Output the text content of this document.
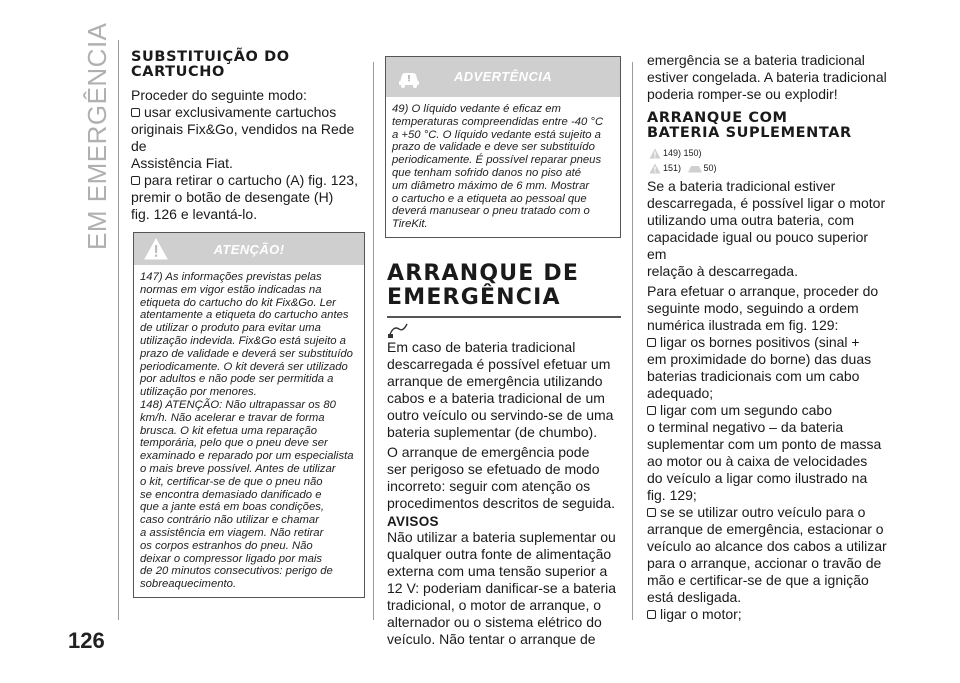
EM EMERGÊNCIA
126

SUBSTITUIÇÃO DO
CARTUCHO

Proceder do seguinte modo:

usar exclusivamente cartuchos

originais Fix&Go, vendidos na Rede de

Assistência Fiat.

para retirar o cartucho (A) fig. 123,

premir o botão de desengate (H)

fig. 126 e levantá-lo.

ATENÇÃO!
147) As informações previstas pelas
normas em vigor estão indicadas na
etiqueta do cartucho do kit Fix&Go. Ler
atentamente a etiqueta do cartucho antes
de utilizar o produto para evitar uma
utilização indevida. Fix&Go está sujeito a
prazo de validade e deverá ser substituído
periodicamente. O kit deverá ser utilizado
por adultos e não pode ser permitida a
utilização por menores.
148) ATENÇÃO: Não ultrapassar os 80
km/h. Não acelerar e travar de forma
brusca. O kit efetua uma reparação
temporária, pelo que o pneu deve ser
examinado e reparado por um especialista
o mais breve possível. Antes de utilizar
o kit, certificar-se de que o pneu não
se encontra demasiado danificado e
que a jante está em boas condições,
caso contrário não utilizar e chamar
a assistência em viagem. Não retirar
os corpos estranhos do pneu. Não
deixar o compressor ligado por mais
de 20 minutos consecutivos: perigo de
sobreaquecimento.
ADVERTÊNCIA
49) O líquido vedante é eficaz em
temperaturas compreendidas entre -40 °C
a +50 °C. O líquido vedante está sujeito a
prazo de validade e deve ser substituído
periodicamente. É possível reparar pneus
que tenham sofrido danos no piso até
um diâmetro máximo de 6 mm. Mostrar
o cartucho e a etiqueta ao pessoal que
deverá manusear o pneu tratado com o
TireKit.

ARRANQUE DE
EMERGÊNCIA

Em caso de bateria tradicional

descarregada é possível efetuar um

arranque de emergência utilizando

cabos e a bateria tradicional de um

outro veículo ou servindo-se de uma

bateria suplementar (de chumbo).

O arranque de emergência pode

ser perigoso se efetuado de modo

incorreto: seguir com atenção os

procedimentos descritos de seguida.

AVISOS

Não utilizar a bateria suplementar ou

qualquer outra fonte de alimentação

externa com uma tensão superior a

12 V: poderiam danificar-se a bateria

tradicional, o motor de arranque, o

alternador ou o sistema elétrico do

veículo. Não tentar o arranque de

emergência se a bateria tradicional

estiver congelada. A bateria tradicional

poderia romper-se ou explodir!

ARRANQUE COM
BATERIA SUPLEMENTAR

149) 150)
151)	50)

Se a bateria tradicional estiver

descarregada, é possível ligar o motor

utilizando uma outra bateria, com

capacidade igual ou pouco superior em

relação à descarregada.

Para efetuar o arranque, proceder do

seguinte modo, seguindo a ordem

numérica ilustrada em fig. 129:

ligar os bornes positivos (sinal +

em proximidade do borne) das duas

baterias tradicionais com um cabo

adequado;

ligar com um segundo cabo

o terminal negativo – da bateria

suplementar com um ponto de massa

ao motor ou à caixa de velocidades

do veículo a ligar como ilustrado na

fig. 129;

se se utilizar outro veículo para o

arranque de emergência, estacionar o

veículo ao alcance dos cabos a utilizar

para o arranque, accionar o travão de

mão e certificar-se de que a ignição

está desligada.

ligar o motor;
